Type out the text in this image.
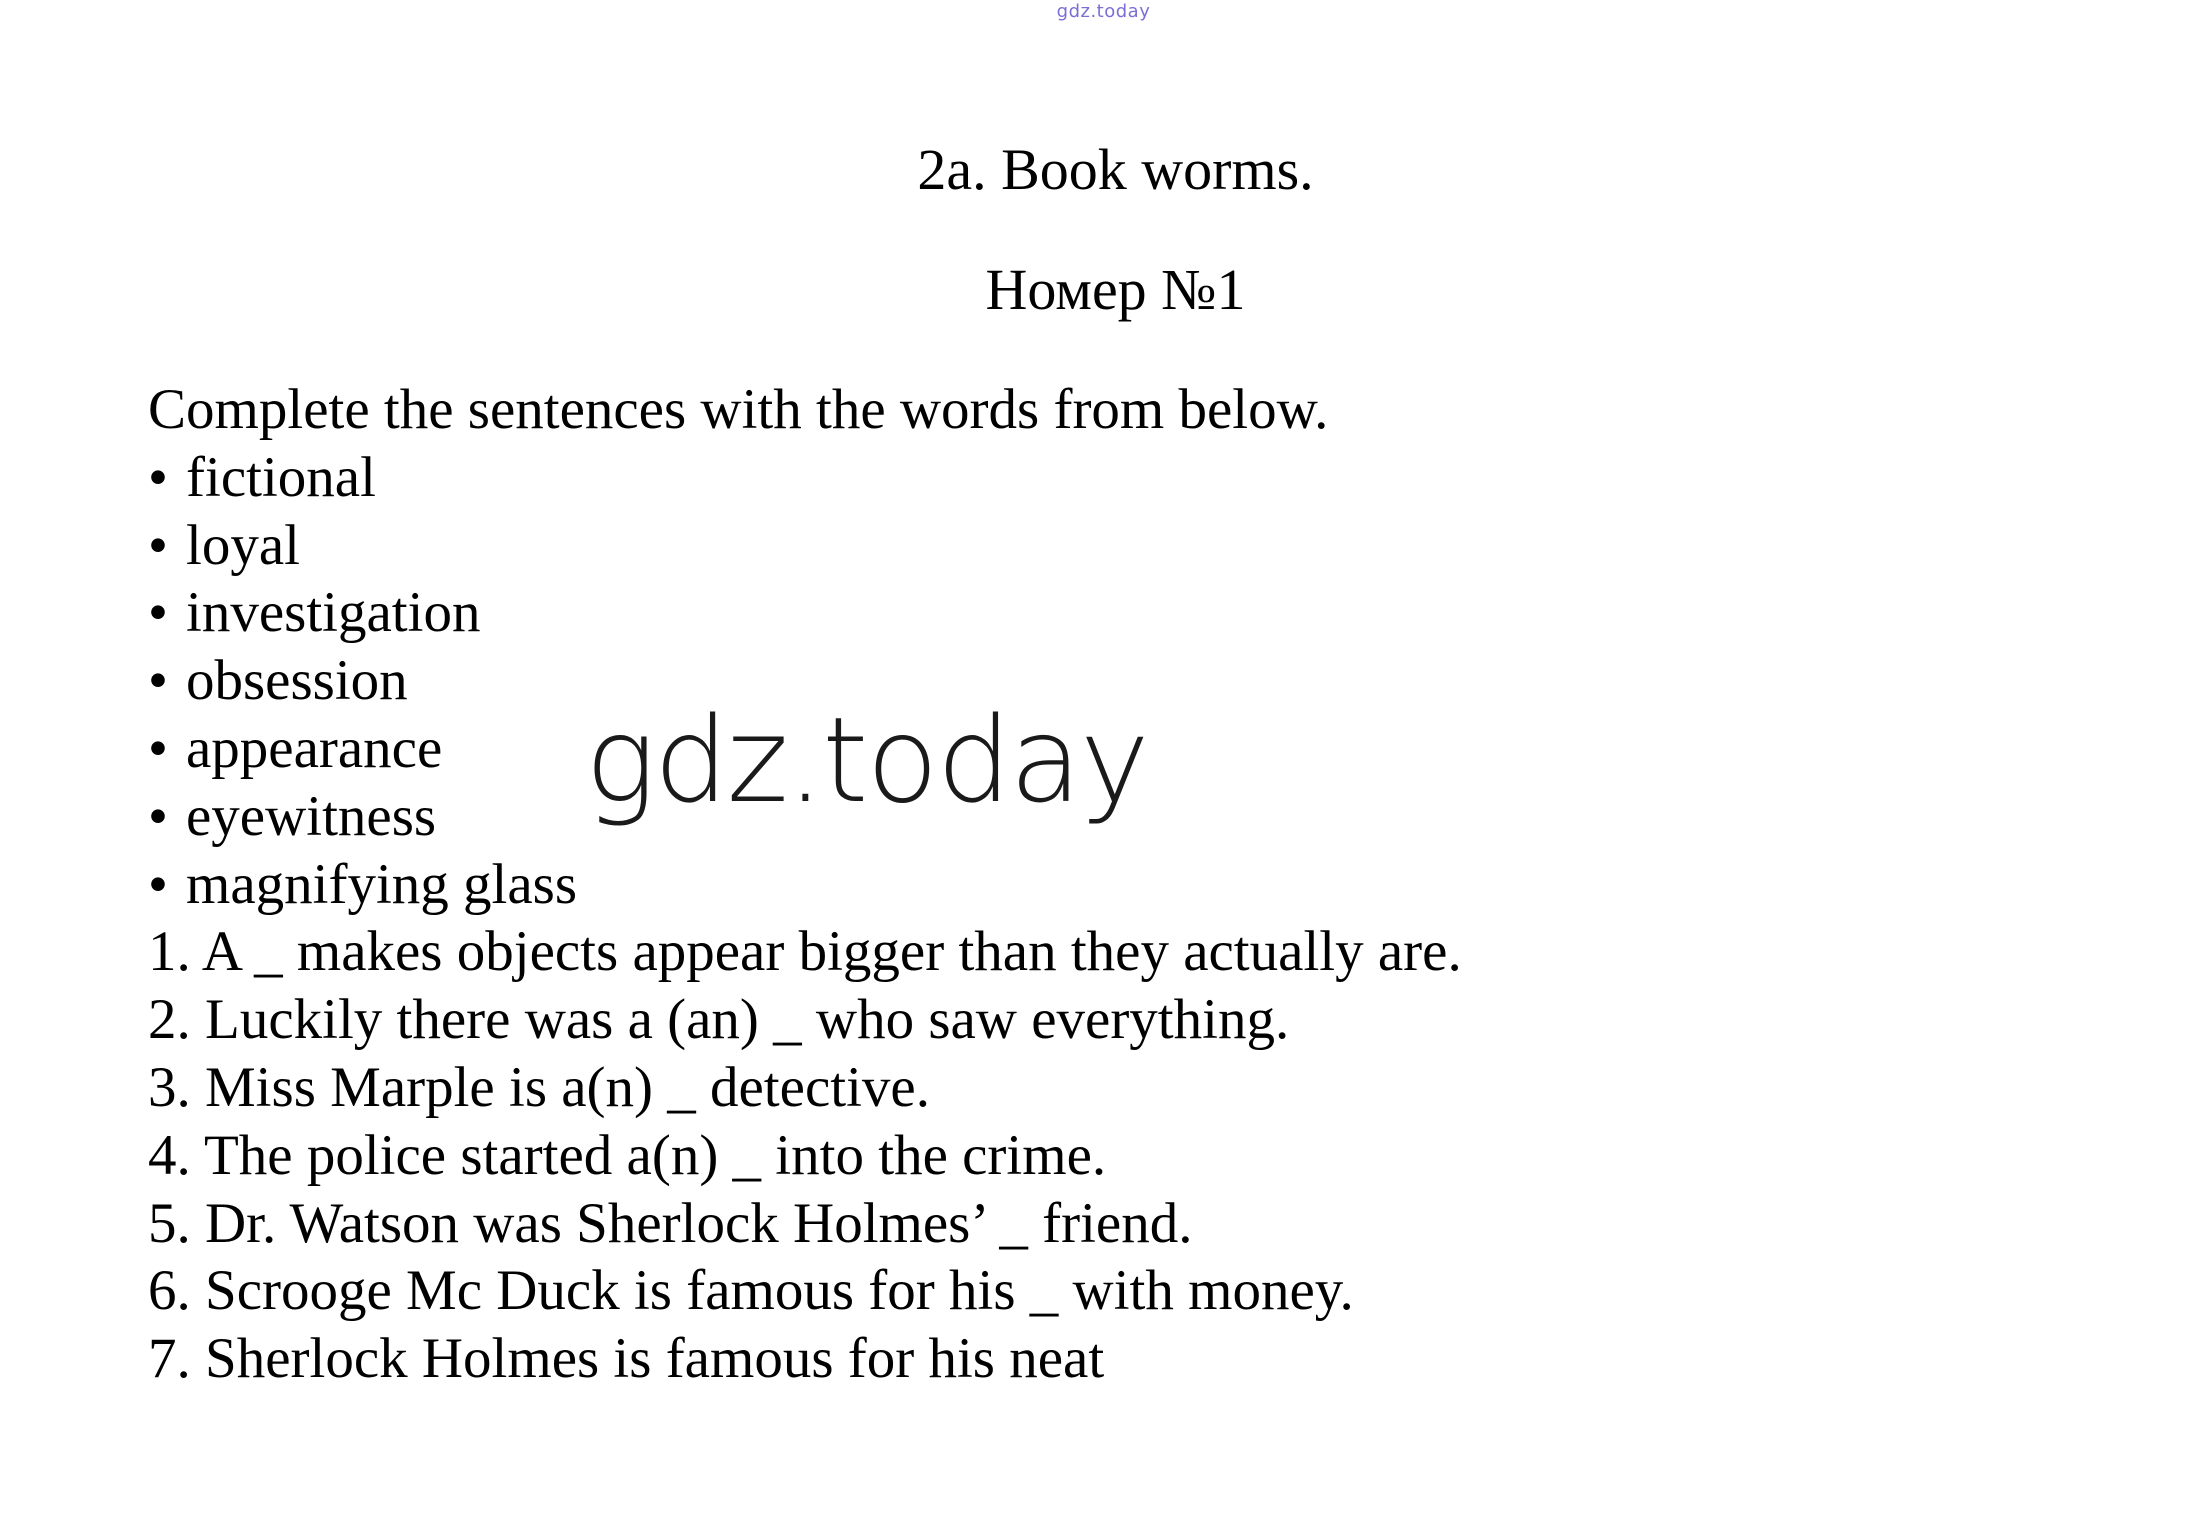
gdz.today
2a. Book worms.
Номер №1

Complete the sentences with the words from below.

• fictional
• loyal
• investigation
• obsession
• appearance
• eyewitness
• magnifying glass
1. A _ makes objects appear bigger than they actually are.
2. Luckily there was a (an) _ who saw everything.
3. Miss Marple is a(n) _ detective.
4. The police started a(n) _ into the crime.
5. Dr. Watson was Sherlock Holmes’ _ friend.
6. Scrooge Mc Duck is famous for his _ with money.
7. Sherlock Holmes is famous for his neat
gdz.today
